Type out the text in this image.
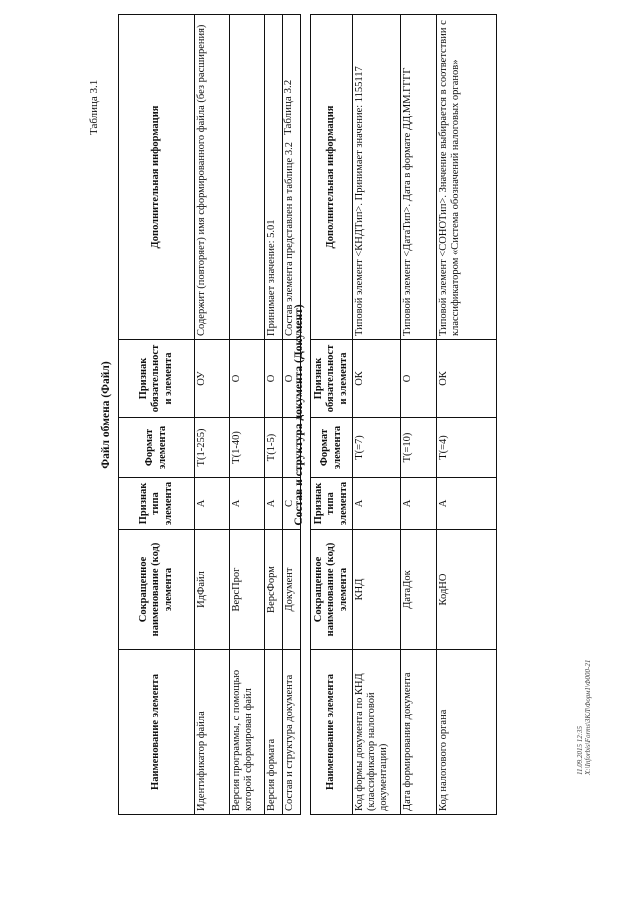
Таблица 3.1
Файл обмена (Файл)
Наименование элемента	Сокращенное наименование (код) элемента	Признак типа элемента	Формат элемента	Признак обязательности элемента	Дополнительная информация
Идентификатор файла	ИдФайл	А	T(1-255)	ОУ	Содержит (повторяет) имя сформированного файла (без расширения)
Версия программы, с помощью которой сформирован файл	ВерсПрог	А	T(1-40)	О	
Версия формата	ВерсФорм	А	T(1-5)	О	Принимает значение: 5.01
Состав и структура документа	Документ	С		О	Состав элемента представлен в таблице 3.2
Таблица 3.2
Состав и структура документа (Документ)
Наименование элемента	Сокращенное наименование (код) элемента	Признак типа элемента	Формат элемента	Признак обязательности элемента	Дополнительная информация
Код формы документа по КНД (классификатор налоговой документации)	КНД	А	T(=7)	ОК	Типовой элемент <КНДТип>. Принимает значение: 1155117
Дата формирования документа	ДатаДок	А	T(=10)	О	Типовой элемент <ДатаТип>. Дата в формате ДД.ММ.ГГГГ
Код налогового органа	КодНО	А	T(=4)	ОК	Типовой элемент <СОНОТип>. Значение выбирается в соответствии с классификатором «Система обозначений налоговых органов»
11.09.2015 12:35 X:\Inforbis\Forms\ЗКЛ\Форм1\Ф000-21
